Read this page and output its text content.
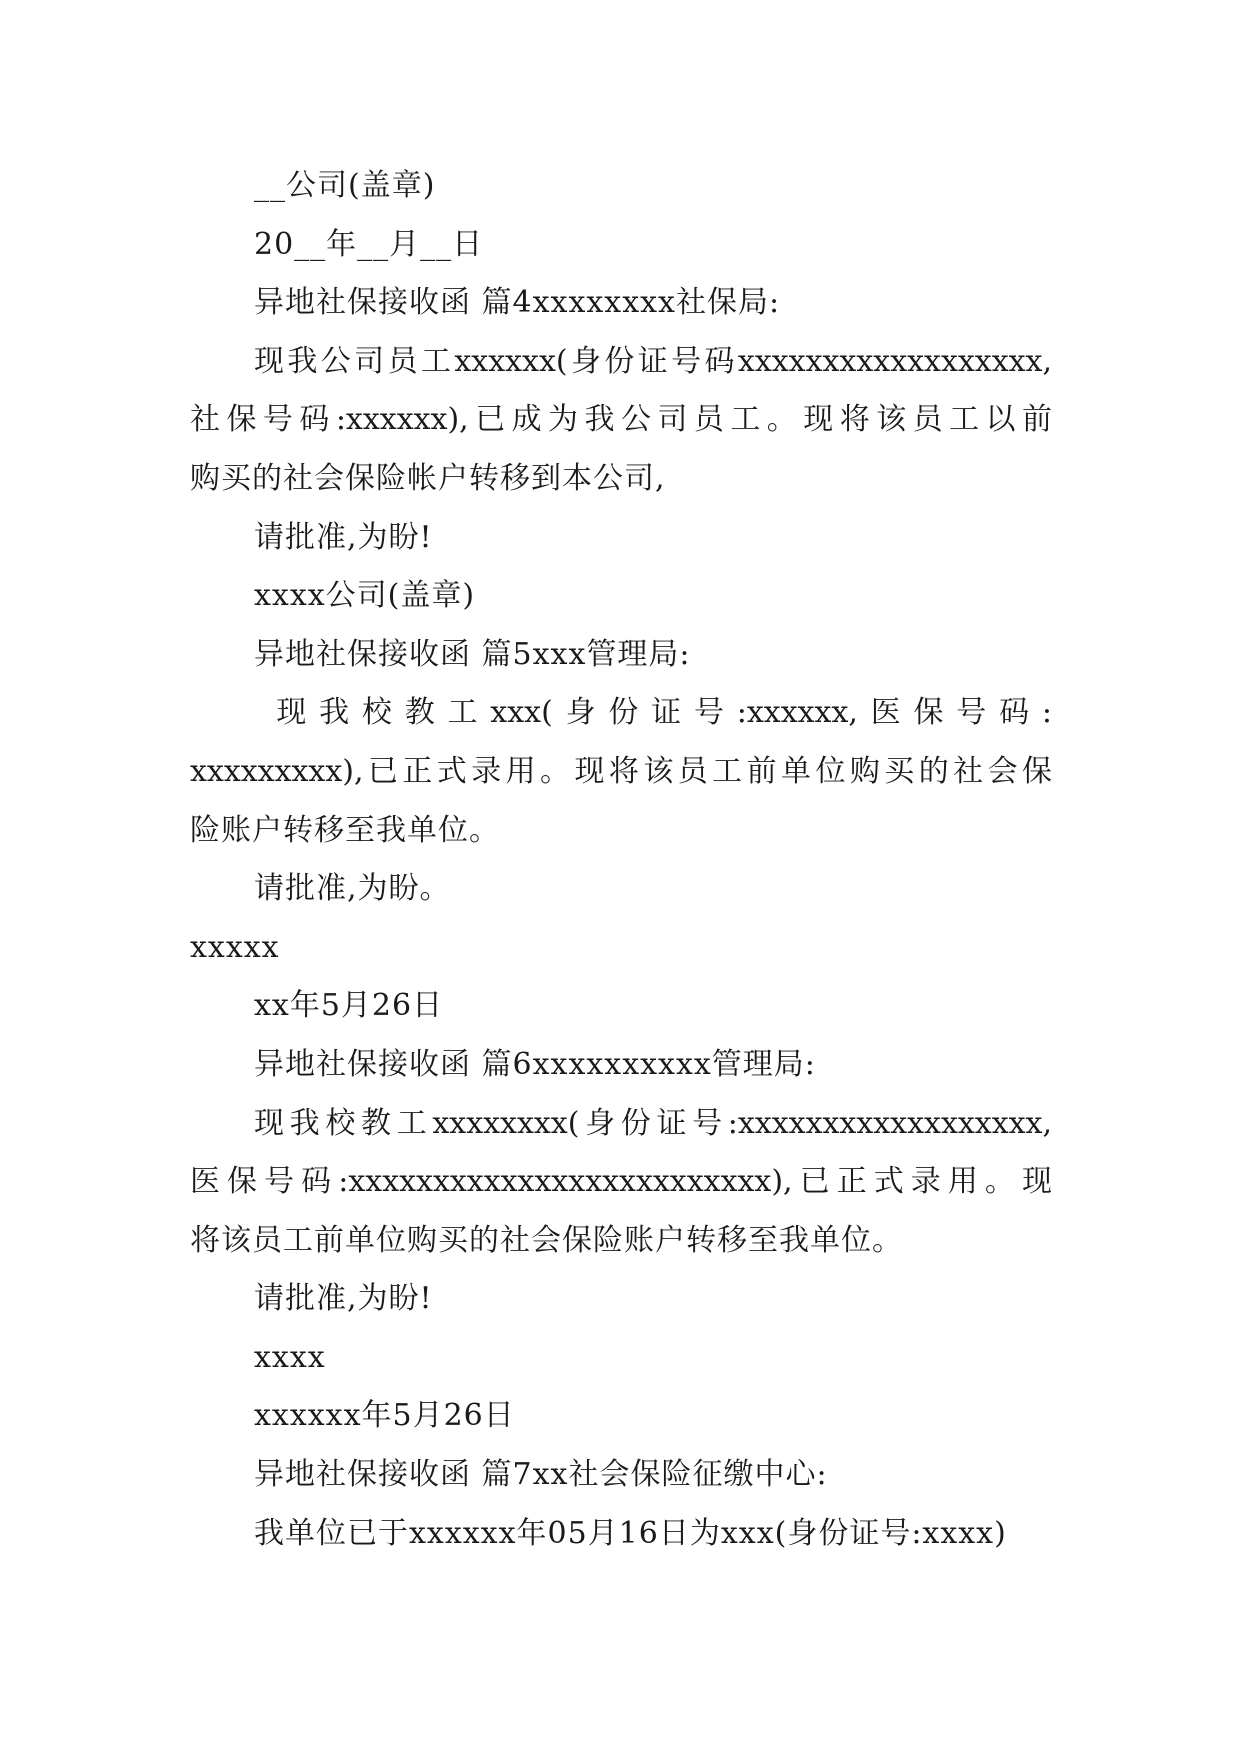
__公司(盖章)
20__年__月__日
异地社保接收函 篇4xxxxxxxx社保局:
现我公司员工xxxxxx(身份证号码xxxxxxxxxxxxxxxxxx,
社保号码:xxxxxx),已成为我公司员工。现将该员工以前
购买的社会保险帐户转移到本公司,
请批准,为盼!
xxxx公司(盖章)
异地社保接收函 篇5xxx管理局:
现我校教工xxx(身份证号:xxxxxx,医保号码:
xxxxxxxxx),已正式录用。现将该员工前单位购买的社会保
险账户转移至我单位。
请批准,为盼。
xxxxx
xx年5月26日
异地社保接收函 篇6xxxxxxxxxx管理局:
现我校教工xxxxxxxx(身份证号:xxxxxxxxxxxxxxxxxx,
医保号码:xxxxxxxxxxxxxxxxxxxxxxxxx),已正式录用。现
将该员工前单位购买的社会保险账户转移至我单位。
请批准,为盼!
xxxx
xxxxxx年5月26日
异地社保接收函 篇7xx社会保险征缴中心:
我单位已于xxxxxx年05月16日为xxx(身份证号:xxxx)
